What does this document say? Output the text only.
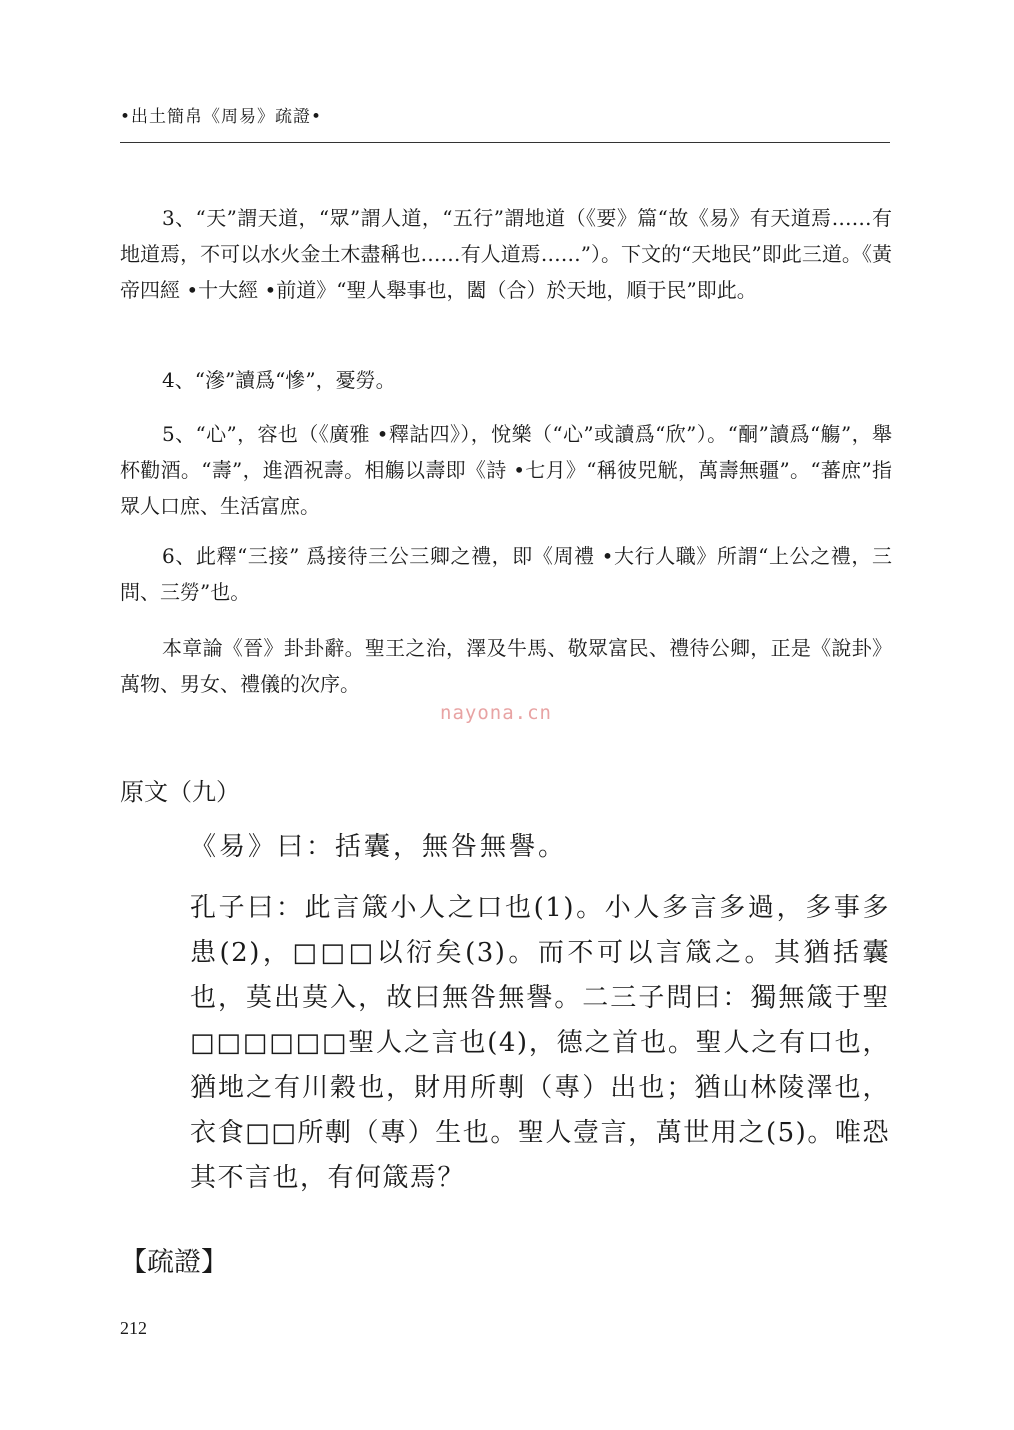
•出土簡帛《周易》疏證•
3、“天”謂天道，“眾”謂人道，“五行”謂地道（《要》篇“故《易》有天道焉……有地道焉，不可以水火金土木盡稱也……有人道焉……”）。下文的“天地民”即此三道。《黃帝四經 •十大經 •前道》“聖人舉事也，闔（合）於天地，順于民”即此。
4、“滲”讀爲“慘”，憂勞。
5、“心”，容也（《廣雅 •釋詁四》），悅樂（“心”或讀爲“欣”）。“酮”讀爲“觴”，舉杯勸酒。“壽”，進酒祝壽。相觴以壽即《詩 •七月》“稱彼兕觥，萬壽無疆”。“蕃庶”指眾人口庶、生活富庶。
6、此釋“三接” 爲接待三公三卿之禮，即《周禮 •大行人職》所謂“上公之禮，三問、三勞”也。
本章論《晉》卦卦辭。聖王之治，澤及牛馬、敬眾富民、禮待公卿，正是《說卦》萬物、男女、禮儀的次序。
nayona.cn
原文（九）
《易》曰：括囊，無咎無譽。
孔子曰：此言箴小人之口也(1)。小人多言多過，多事多患(2)，□□□以衍矣(3)。而不可以言箴之。其猶括囊也，莫出莫入，故曰無咎無譽。二三子問曰：獨無箴于聖□□□□□□聖人之言也(4)，德之首也。聖人之有口也，猶地之有川穀也，財用所剸（專）出也；猶山林陵澤也，衣食□□所剸（專）生也。聖人壹言，萬世用之(5)。唯恐其不言也，有何箴焉？
【疏證】
212
